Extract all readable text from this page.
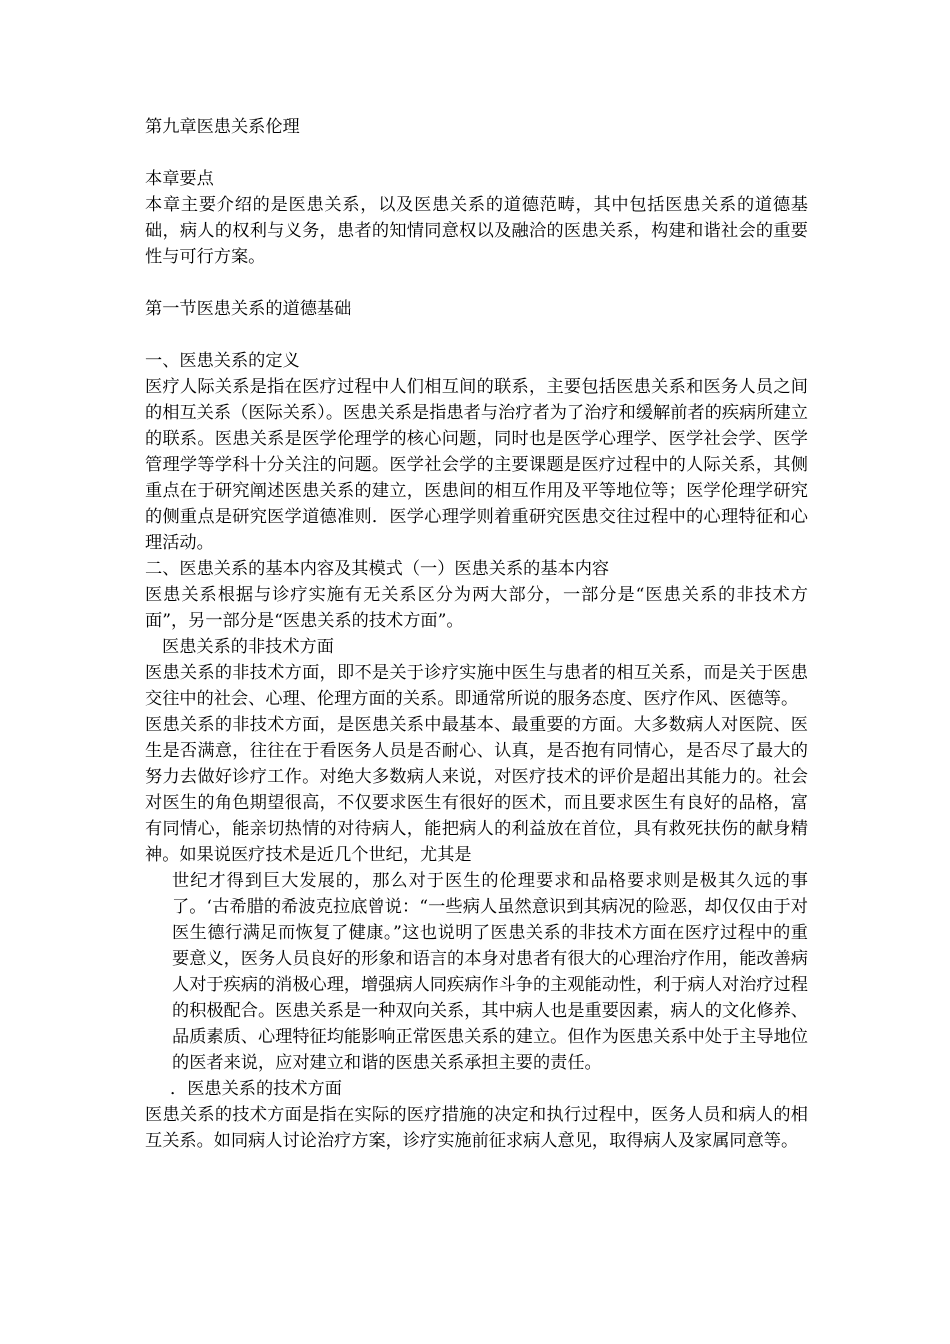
第九章医患关系伦理

本章要点

本章主要介绍的是医患关系，以及医患关系的道德范畴，其中包括医患关系的道德基础，病人的权利与义务，患者的知情同意权以及融洽的医患关系，构建和谐社会的重要性与可行方案。

第一节医患关系的道德基础

一、医患关系的定义

医疗人际关系是指在医疗过程中人们相互间的联系，主要包括医患关系和医务人员之间的相互关系（医际关系）。医患关系是指患者与治疗者为了治疗和缓解前者的疾病所建立的联系。医患关系是医学伦理学的核心问题，同时也是医学心理学、医学社会学、医学管理学等学科十分关注的问题。医学社会学的主要课题是医疗过程中的人际关系，其侧重点在于研究阐述医患关系的建立，医患间的相互作用及平等地位等；医学伦理学研究的侧重点是研究医学道德准则．医学心理学则着重研究医患交往过程中的心理特征和心理活动。

二、医患关系的基本内容及其模式（一）医患关系的基本内容

医患关系根据与诊疗实施有无关系区分为两大部分，一部分是“医患关系的非技术方面”，另一部分是“医患关系的技术方面”。

医患关系的非技术方面

医患关系的非技术方面，即不是关于诊疗实施中医生与患者的相互关系，而是关于医患交往中的社会、心理、伦理方面的关系。即通常所说的服务态度、医疗作风、医德等。

医患关系的非技术方面，是医患关系中最基本、最重要的方面。大多数病人对医院、医生是否满意，往往在于看医务人员是否耐心、认真，是否抱有同情心，是否尽了最大的努力去做好诊疗工作。对绝大多数病人来说，对医疗技术的评价是超出其能力的。社会对医生的角色期望很高，不仅要求医生有很好的医术，而且要求医生有良好的品格，富有同情心，能亲切热情的对待病人，能把病人的利益放在首位，具有救死扶伤的献身精神。如果说医疗技术是近几个世纪，尤其是

世纪才得到巨大发展的，那么对于医生的伦理要求和品格要求则是极其久远的事了。‘古希腊的希波克拉底曾说：“一些病人虽然意识到其病况的险恶，却仅仅由于对医生德行满足而恢复了健康。”这也说明了医患关系的非技术方面在医疗过程中的重要意义，医务人员良好的形象和语言的本身对患者有很大的心理治疗作用，能改善病人对于疾病的消极心理，增强病人同疾病作斗争的主观能动性，利于病人对治疗过程的积极配合。医患关系是一种双向关系，其中病人也是重要因素，病人的文化修养、品质素质、心理特征均能影响正常医患关系的建立。但作为医患关系中处于主导地位的医者来说，应对建立和谐的医患关系承担主要的责任。

．医患关系的技术方面

医患关系的技术方面是指在实际的医疗措施的决定和执行过程中，医务人员和病人的相互关系。如同病人讨论治疗方案，诊疗实施前征求病人意见，取得病人及家属同意等。
